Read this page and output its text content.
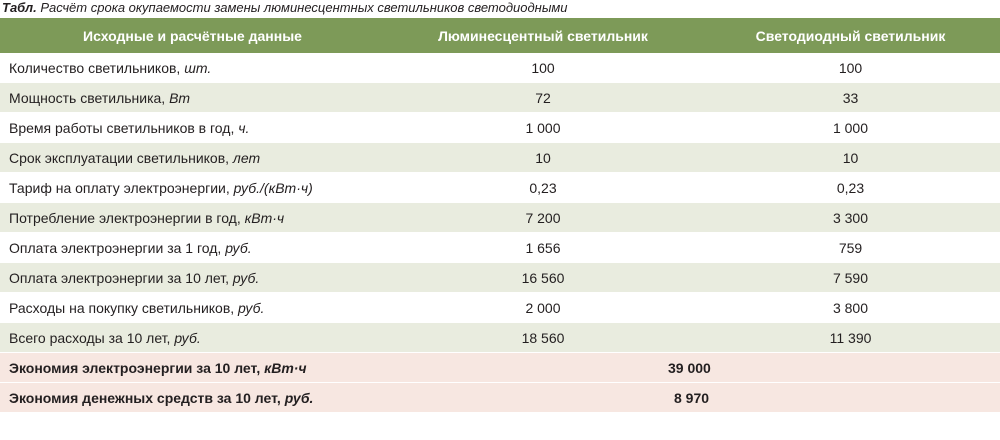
Табл. Расчёт срока окупаемости замены люминесцентных светильников светодиодными
Исходные и расчётные данные	Люминесцентный светильник	Светодиодный светильник
Количество светильников, шт.	100	100
Мощность светильника, Вт	72	33
Время работы светильников в год, ч.	1 000	1 000
Срок эксплуатации светильников, лет	10	10
Тариф на оплату электроэнергии, руб./(кВт·ч)	0,23	0,23
Потребление электроэнергии в год, кВт·ч	7 200	3 300
Оплата электроэнергии за 1 год, руб.	1 656	759
Оплата электроэнергии за 10 лет, руб.	16 560	7 590
Расходы на покупку светильников, руб.	2 000	3 800
Всего расходы за 10 лет, руб.	18 560	11 390
Экономия электроэнергии за 10 лет, кВт·ч	39 000	
Экономия денежных средств за 10 лет, руб.	8 970	
